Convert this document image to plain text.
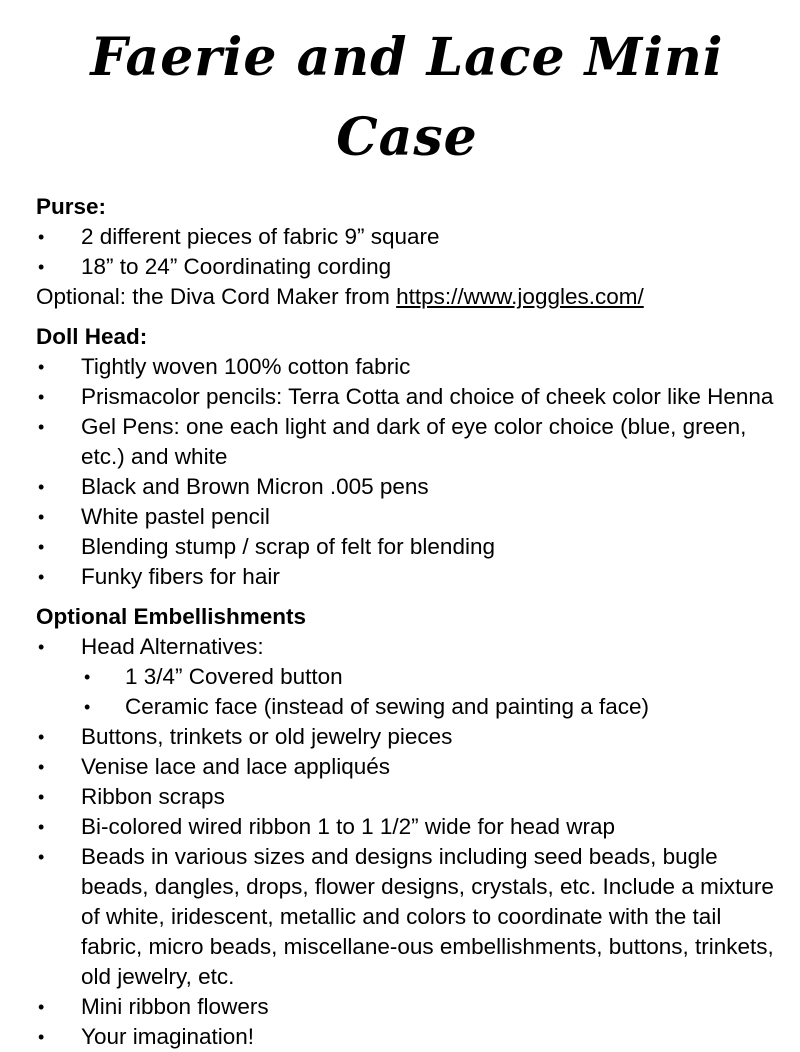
Faerie and Lace Mini Case

Purse:

•	2 different pieces of fabric 9” square
•	18” to 24” Coordinating cording

Optional: the Diva Cord Maker from https://www.joggles.com/

Doll Head:

•	Tightly woven 100% cotton fabric
•	Prismacolor pencils: Terra Cotta and choice of cheek color like Henna
•	Gel Pens: one each light and dark of eye color choice (blue, green, etc.) and white
•	Black and Brown Micron .005 pens
•	White pastel pencil
•	Blending stump / scrap of felt for blending
•	Funky fibers for hair

Optional Embellishments

•	Head Alternatives:
•	1 3/4” Covered button
•	Ceramic face (instead of sewing and painting a face)
•	Buttons, trinkets or old jewelry pieces
•	Venise lace and lace appliqués
•	Ribbon scraps
•	Bi-colored wired ribbon 1 to 1 1/2” wide for head wrap
•	Beads in various sizes and designs including seed beads, bugle beads, dangles, drops, flower designs, crystals, etc. Include a mixture of white, iridescent, metallic and colors to coordinate with the tail fabric, micro beads, miscellane-ous embellishments, buttons, trinkets, old jewelry, etc.
•	Mini ribbon flowers
•	Your imagination!
